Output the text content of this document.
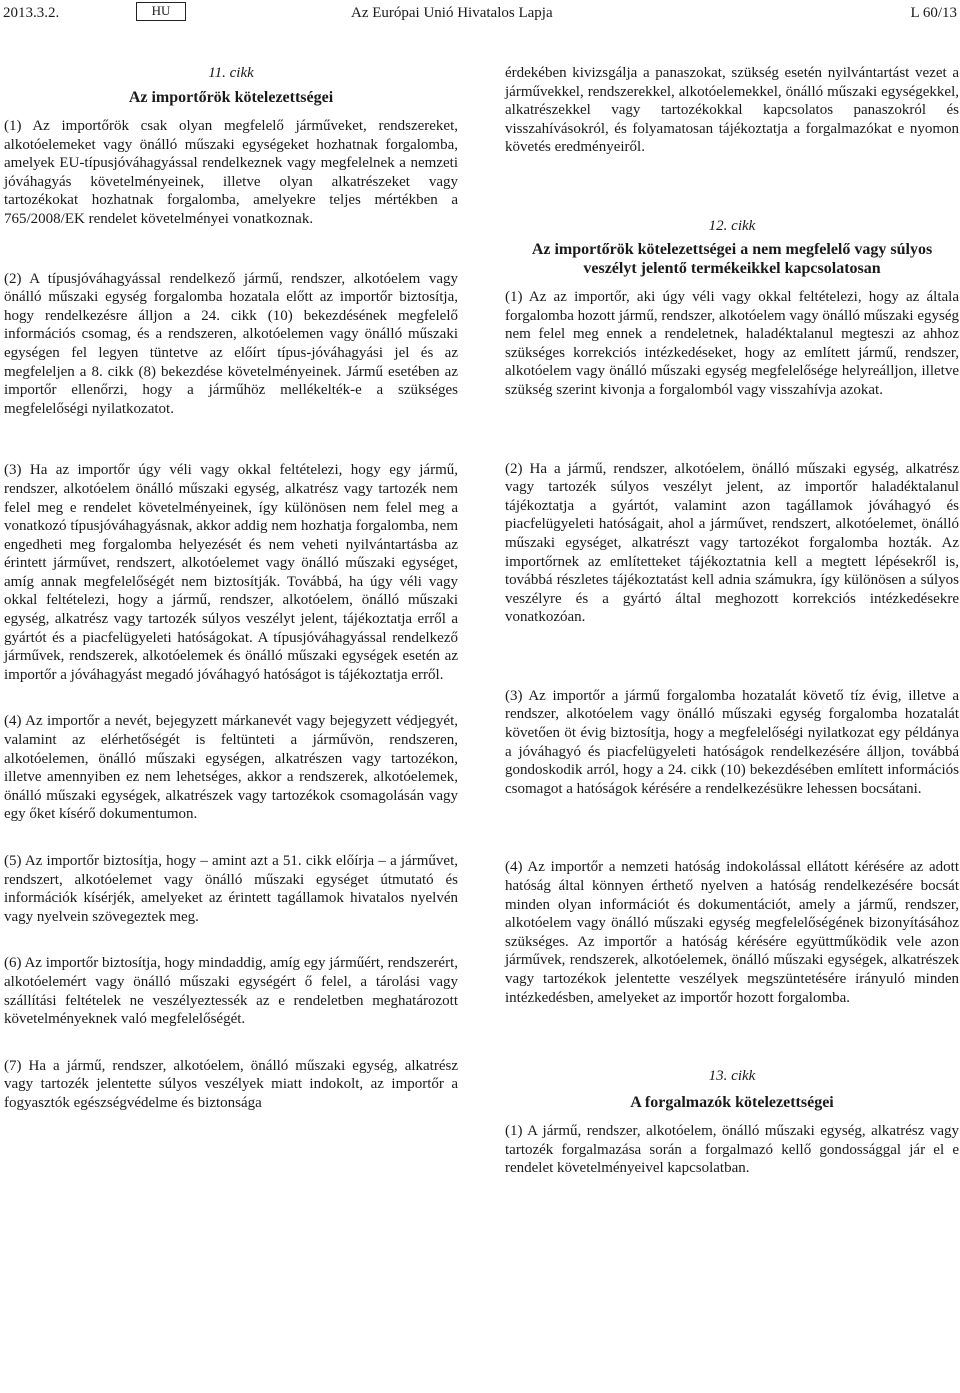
2013.3.2.	HU	Az Európai Unió Hivatalos Lapja	L 60/13

11. cikk

Az importőrök kötelezettségei

(1) Az importőrök csak olyan megfelelő járműveket, rendszereket, alkotóelemeket vagy önálló műszaki egységeket hozhatnak forgalomba, amelyek EU-típusjóváhagyással rendelkeznek vagy megfelelnek a nemzeti jóváhagyás követelményeinek, illetve olyan alkatrészeket vagy tartozékokat hozhatnak forgalomba, amelyekre teljes mértékben a 765/2008/EK rendelet követelményei vonatkoznak.

(2) A típusjóváhagyással rendelkező jármű, rendszer, alkotóelem vagy önálló műszaki egység forgalomba hozatala előtt az importőr biztosítja, hogy rendelkezésre álljon a 24. cikk (10) bekezdésének megfelelő információs csomag, és a rendszeren, alkotóelemen vagy önálló műszaki egységen fel legyen tüntetve az előírt típus-jóváhagyási jel és az megfeleljen a 8. cikk (8) bekezdése követelményeinek. Jármű esetében az importőr ellenőrzi, hogy a járműhöz mellékelték-e a szükséges megfelelőségi nyilatkozatot.

(3) Ha az importőr úgy véli vagy okkal feltételezi, hogy egy jármű, rendszer, alkotóelem önálló műszaki egység, alkatrész vagy tartozék nem felel meg e rendelet követelményeinek, így különösen nem felel meg a vonatkozó típusjóváhagyásnak, akkor addig nem hozhatja forgalomba, nem engedheti meg forgalomba helyezését és nem veheti nyilvántartásba az érintett járművet, rendszert, alkotóelemet vagy önálló műszaki egységet, amíg annak megfelelőségét nem biztosítják. Továbbá, ha úgy véli vagy okkal feltételezi, hogy a jármű, rendszer, alkotóelem, önálló műszaki egység, alkatrész vagy tartozék súlyos veszélyt jelent, tájékoztatja erről a gyártót és a piacfelügyeleti hatóságokat. A típusjóváhagyással rendelkező járművek, rendszerek, alkotóelemek és önálló műszaki egységek esetén az importőr a jóváhagyást megadó jóváhagyó hatóságot is tájékoztatja erről.

(4) Az importőr a nevét, bejegyzett márkanevét vagy bejegyzett védjegyét, valamint az elérhetőségét is feltünteti a járművön, rendszeren, alkotóelemen, önálló műszaki egységen, alkatrészen vagy tartozékon, illetve amennyiben ez nem lehetséges, akkor a rendszerek, alkotóelemek, önálló műszaki egységek, alkatrészek vagy tartozékok csomagolásán vagy egy őket kísérő dokumentumon.

(5) Az importőr biztosítja, hogy – amint azt a 51. cikk előírja – a járművet, rendszert, alkotóelemet vagy önálló műszaki egységet útmutató és információk kísérjék, amelyeket az érintett tagállamok hivatalos nyelvén vagy nyelvein szövegeztek meg.

(6) Az importőr biztosítja, hogy mindaddig, amíg egy járműért, rendszerért, alkotóelemért vagy önálló műszaki egységért ő felel, a tárolási vagy szállítási feltételek ne veszélyeztessék az e rendeletben meghatározott követelményeknek való megfelelőségét.

(7) Ha a jármű, rendszer, alkotóelem, önálló műszaki egység, alkatrész vagy tartozék jelentette súlyos veszélyek miatt indokolt, az importőr a fogyasztók egészségvédelme és biztonsága

érdekében kivizsgálja a panaszokat, szükség esetén nyilvántartást vezet a járművekkel, rendszerekkel, alkotóelemekkel, önálló műszaki egységekkel, alkatrészekkel vagy tartozékokkal kapcsolatos panaszokról és visszahívásokról, és folyamatosan tájékoztatja a forgalmazókat e nyomon követés eredményeiről.

12. cikk

Az importőrök kötelezettségei a nem megfelelő vagy súlyos veszélyt jelentő termékeikkel kapcsolatosan

(1) Az az importőr, aki úgy véli vagy okkal feltételezi, hogy az általa forgalomba hozott jármű, rendszer, alkotóelem vagy önálló műszaki egység nem felel meg ennek a rendeletnek, haladéktalanul megteszi az ahhoz szükséges korrekciós intézkedéseket, hogy az említett jármű, rendszer, alkotóelem vagy önálló műszaki egység megfelelősége helyreálljon, illetve szükség szerint kivonja a forgalomból vagy visszahívja azokat.

(2) Ha a jármű, rendszer, alkotóelem, önálló műszaki egység, alkatrész vagy tartozék súlyos veszélyt jelent, az importőr haladéktalanul tájékoztatja a gyártót, valamint azon tagállamok jóváhagyó és piacfelügyeleti hatóságait, ahol a járművet, rendszert, alkotóelemet, önálló műszaki egységet, alkatrészt vagy tartozékot forgalomba hozták. Az importőrnek az említetteket tájékoztatnia kell a megtett lépésekről is, továbbá részletes tájékoztatást kell adnia számukra, így különösen a súlyos veszélyre és a gyártó által meghozott korrekciós intézkedésekre vonatkozóan.

(3) Az importőr a jármű forgalomba hozatalát követő tíz évig, illetve a rendszer, alkotóelem vagy önálló műszaki egység forgalomba hozatalát követően öt évig biztosítja, hogy a megfelelőségi nyilatkozat egy példánya a jóváhagyó és piacfelügyeleti hatóságok rendelkezésére álljon, továbbá gondoskodik arról, hogy a 24. cikk (10) bekezdésében említett információs csomagot a hatóságok kérésére a rendelkezésükre lehessen bocsátani.

(4) Az importőr a nemzeti hatóság indokolással ellátott kérésére az adott hatóság által könnyen érthető nyelven a hatóság rendelkezésére bocsát minden olyan információt és dokumentációt, amely a jármű, rendszer, alkotóelem vagy önálló műszaki egység megfelelőségének bizonyításához szükséges. Az importőr a hatóság kérésére együttműködik vele azon járművek, rendszerek, alkotóelemek, önálló műszaki egységek, alkatrészek vagy tartozékok jelentette veszélyek megszüntetésére irányuló minden intézkedésben, amelyeket az importőr hozott forgalomba.

13. cikk

A forgalmazók kötelezettségei

(1) A jármű, rendszer, alkotóelem, önálló műszaki egység, alkatrész vagy tartozék forgalmazása során a forgalmazó kellő gondossággal jár el e rendelet követelményeivel kapcsolatban.
